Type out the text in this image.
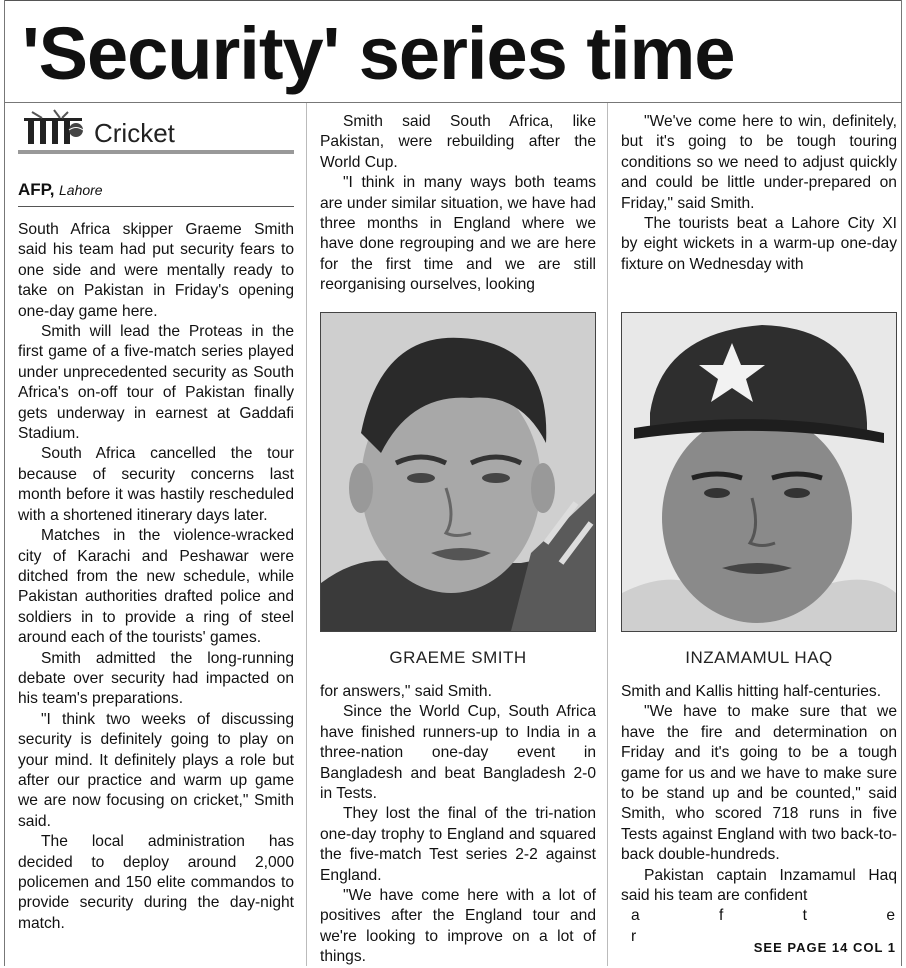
'Security' series time
Cricket
AFP, Lahore

South Africa skipper Graeme Smith said his team had put security fears to one side and were mentally ready to take on Pakistan in Friday's opening one-day game here.

Smith will lead the Proteas in the first game of a five-match series played under unprecedented security as South Africa's on-off tour of Pakistan finally gets underway in earnest at Gaddafi Stadium.

South Africa cancelled the tour because of security concerns last month before it was hastily rescheduled with a shortened itinerary days later.

Matches in the violence-wracked city of Karachi and Peshawar were ditched from the new schedule, while Pakistan authorities drafted police and soldiers in to provide a ring of steel around each of the tourists' games.

Smith admitted the long-running debate over security had impacted on his team's preparations.

"I think two weeks of discussing security is definitely going to play on your mind. It definitely plays a role but after our practice and warm up game we are now focusing on cricket," Smith said.

The local administration has decided to deploy around 2,000 policemen and 150 elite commandos to provide security during the day-night match.

Smith said South Africa, like Pakistan, were rebuilding after the World Cup.

"I think in many ways both teams are under similar situation, we have had three months in England where we have done regrouping and we are here for the first time and we are still reorganising ourselves, looking

"We've come here to win, definitely, but it's going to be tough touring conditions so we need to adjust quickly and could be little under-prepared on Friday," said Smith.

The tourists beat a Lahore City XI by eight wickets in a warm-up one-day fixture on Wednesday with

GRAEME SMITH	INZAMAMUL HAQ

for answers," said Smith.

Since the World Cup, South Africa have finished runners-up to India in a three-nation one-day event in Bangladesh and beat Bangladesh 2-0 in Tests.

They lost the final of the tri-nation one-day trophy to England and squared the five-match Test series 2-2 against England.

"We have come here with a lot of positives after the England tour and we're looking to improve on a lot of things.

Smith and Kallis hitting half-centuries.

"We have to make sure that we have the fire and determination on Friday and it's going to be a tough game for us and we have to make sure to be stand up and be counted," said Smith, who scored 718 runs in five Tests against England with two back-to-back double-hundreds.

Pakistan captain Inzamamul Haq said his team are confident

a f t e r

SEE PAGE 14 COL 1
